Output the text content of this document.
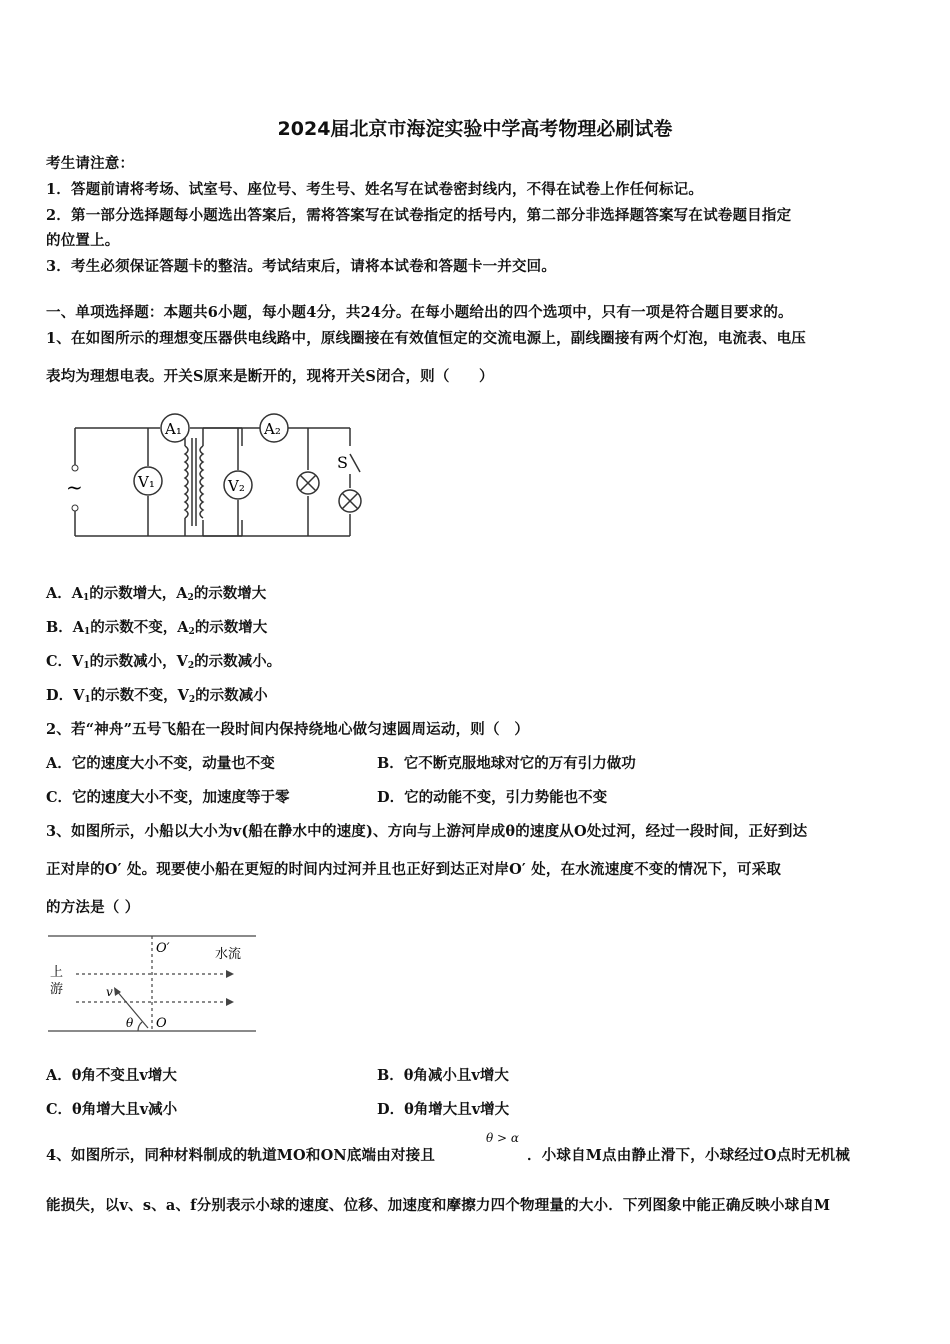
2024届北京市海淀实验中学高考物理必刷试卷
考生请注意：
1．答题前请将考场、试室号、座位号、考生号、姓名写在试卷密封线内，不得在试卷上作任何标记。
2．第一部分选择题每小题选出答案后，需将答案写在试卷指定的括号内，第二部分非选择题答案写在试卷题目指定
的位置上。
3．考生必须保证答题卡的整洁。考试结束后，请将本试卷和答题卡一并交回。
一、单项选择题：本题共6小题，每小题4分，共24分。在每小题给出的四个选项中，只有一项是符合题目要求的。
1、在如图所示的理想变压器供电线路中，原线圈接在有效值恒定的交流电源上，副线圈接有两个灯泡，电流表、电压
表均为理想电表。开关S原来是断开的，现将开关S闭合，则（　　）
~
A₁
V₁
A₂
V₂
S
A．$A_1$的示数增大，$A_2$的示数增大
B．$A_1$的示数不变，$A_2$的示数增大
C．$V_1$的示数减小，$V_2$的示数减小。
D．$V_1$的示数不变，$V_2$的示数减小
2、若“神舟”五号飞船在一段时间内保持绕地心做匀速圆周运动，则（　）
A．它的速度大小不变，动量也不变	B．它不断克服地球对它的万有引力做功
C．它的速度大小不变，加速度等于零	D．它的动能不变，引力势能也不变
3、如图所示，小船以大小为v(船在静水中的速度)、方向与上游河岸成θ的速度从O处过河，经过一段时间，正好到达
正对岸的O′ 处。现要使小船在更短的时间内过河并且也正好到达正对岸O′ 处，在水流速度不变的情况下，可采取
的方法是（ ）
O′	水流
上
游	v
θ O
A．θ角不变且v增大	B．θ角减小且v增大
C．θ角增大且v减小	D．θ角增大且v增大
4、如图所示，同种材料制成的轨道MO和ON底端由对接且
θ > α
．小球自M点由静止滑下，小球经过O点时无机械
能损失，以v、s、a、f分别表示小球的速度、位移、加速度和摩擦力四个物理量的大小．下列图象中能正确反映小球自M
